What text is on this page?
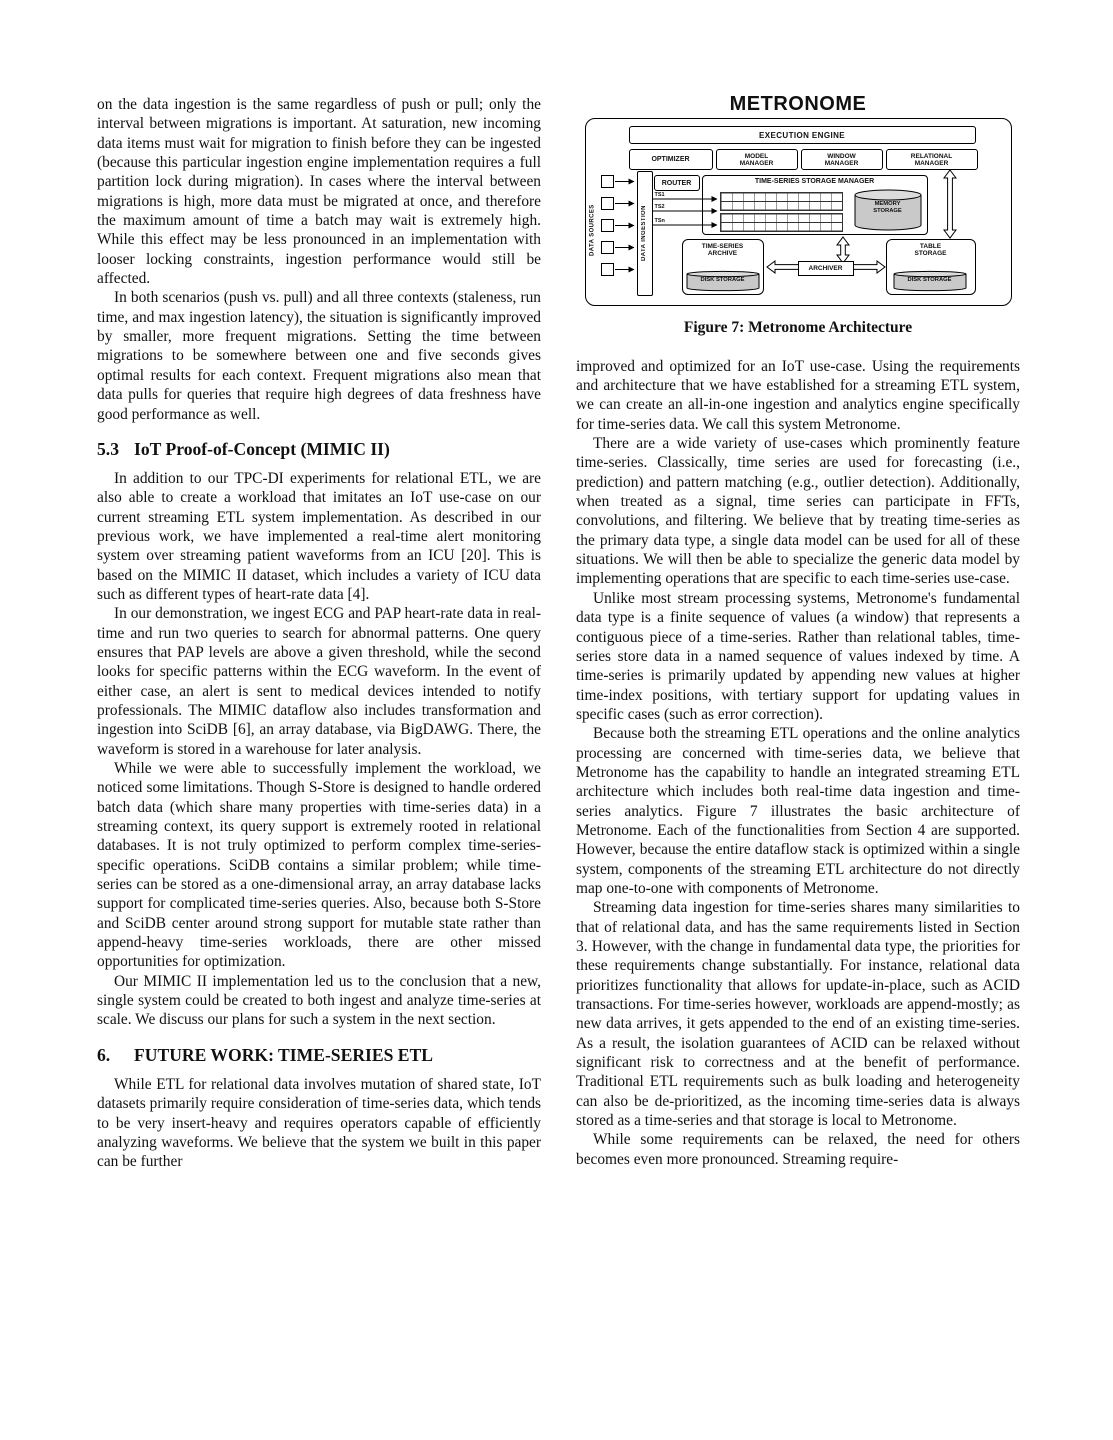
on the data ingestion is the same regardless of push or pull; only the interval between migrations is important. At saturation, new incoming data items must wait for migration to finish before they can be ingested (because this particular ingestion engine implementation requires a full partition lock during migration). In cases where the interval between migrations is high, more data must be migrated at once, and therefore the maximum amount of time a batch may wait is extremely high. While this effect may be less pronounced in an implementation with looser locking constraints, ingestion performance would still be affected.

In both scenarios (push vs. pull) and all three contexts (staleness, run time, and max ingestion latency), the situation is significantly improved by smaller, more frequent migrations. Setting the time between migrations to be somewhere between one and five seconds gives optimal results for each context. Frequent migrations also mean that data pulls for queries that require high degrees of data freshness have good performance as well.

5.3 IoT Proof-of-Concept (MIMIC II)

In addition to our TPC-DI experiments for relational ETL, we are also able to create a workload that imitates an IoT use-case on our current streaming ETL system implementation. As described in our previous work, we have implemented a real-time alert monitoring system over streaming patient waveforms from an ICU [20]. This is based on the MIMIC II dataset, which includes a variety of ICU data such as different types of heart-rate data [4].

In our demonstration, we ingest ECG and PAP heart-rate data in real-time and run two queries to search for abnormal patterns. One query ensures that PAP levels are above a given threshold, while the second looks for specific patterns within the ECG waveform. In the event of either case, an alert is sent to medical devices intended to notify professionals. The MIMIC dataflow also includes transformation and ingestion into SciDB [6], an array database, via BigDAWG. There, the waveform is stored in a warehouse for later analysis.

While we were able to successfully implement the workload, we noticed some limitations. Though S-Store is designed to handle ordered batch data (which share many properties with time-series data) in a streaming context, its query support is extremely rooted in relational databases. It is not truly optimized to perform complex time-series-specific operations. SciDB contains a similar problem; while time-series can be stored as a one-dimensional array, an array database lacks support for complicated time-series queries. Also, because both S-Store and SciDB center around strong support for mutable state rather than append-heavy time-series workloads, there are other missed opportunities for optimization.

Our MIMIC II implementation led us to the conclusion that a new, single system could be created to both ingest and analyze time-series at scale. We discuss our plans for such a system in the next section.

6. FUTURE WORK: TIME-SERIES ETL

While ETL for relational data involves mutation of shared state, IoT datasets primarily require consideration of time-series data, which tends to be very insert-heavy and requires operators capable of efficiently analyzing waveforms. We believe that the system we built in this paper can be further

METRONOME
EXECUTION ENGINE
OPTIMIZER	MODEL MANAGER
WINDOW MANAGER
RELATIONAL MANAGER
DATA SOURCES	DATA INGESTION
ROUTER
TS1
TS2
TSn
TIME-SERIES STORAGE MANAGER
MEMORY STORAGE
TIME-SERIES ARCHIVE
DISK STORAGE
ARCHIVER
TABLE STORAGE
DISK STORAGE
Figure 7: Metronome Architecture

improved and optimized for an IoT use-case. Using the requirements and architecture that we have established for a streaming ETL system, we can create an all-in-one ingestion and analytics engine specifically for time-series data. We call this system Metronome.

There are a wide variety of use-cases which prominently feature time-series. Classically, time series are used for forecasting (i.e., prediction) and pattern matching (e.g., outlier detection). Additionally, when treated as a signal, time series can participate in FFTs, convolutions, and filtering. We believe that by treating time-series as the primary data type, a single data model can be used for all of these situations. We will then be able to specialize the generic data model by implementing operations that are specific to each time-series use-case.

Unlike most stream processing systems, Metronome's fundamental data type is a finite sequence of values (a window) that represents a contiguous piece of a time-series. Rather than relational tables, time-series store data in a named sequence of values indexed by time. A time-series is primarily updated by appending new values at higher time-index positions, with tertiary support for updating values in specific cases (such as error correction).

Because both the streaming ETL operations and the online analytics processing are concerned with time-series data, we believe that Metronome has the capability to handle an integrated streaming ETL architecture which includes both real-time data ingestion and time-series analytics. Figure 7 illustrates the basic architecture of Metronome. Each of the functionalities from Section 4 are supported. However, because the entire dataflow stack is optimized within a single system, components of the streaming ETL architecture do not directly map one-to-one with components of Metronome.

Streaming data ingestion for time-series shares many similarities to that of relational data, and has the same requirements listed in Section 3. However, with the change in fundamental data type, the priorities for these requirements change substantially. For instance, relational data prioritizes functionality that allows for update-in-place, such as ACID transactions. For time-series however, workloads are append-mostly; as new data arrives, it gets appended to the end of an existing time-series. As a result, the isolation guarantees of ACID can be relaxed without significant risk to correctness and at the benefit of performance. Traditional ETL requirements such as bulk loading and heterogeneity can also be de-prioritized, as the incoming time-series data is always stored as a time-series and that storage is local to Metronome.

While some requirements can be relaxed, the need for others becomes even more pronounced. Streaming require-
